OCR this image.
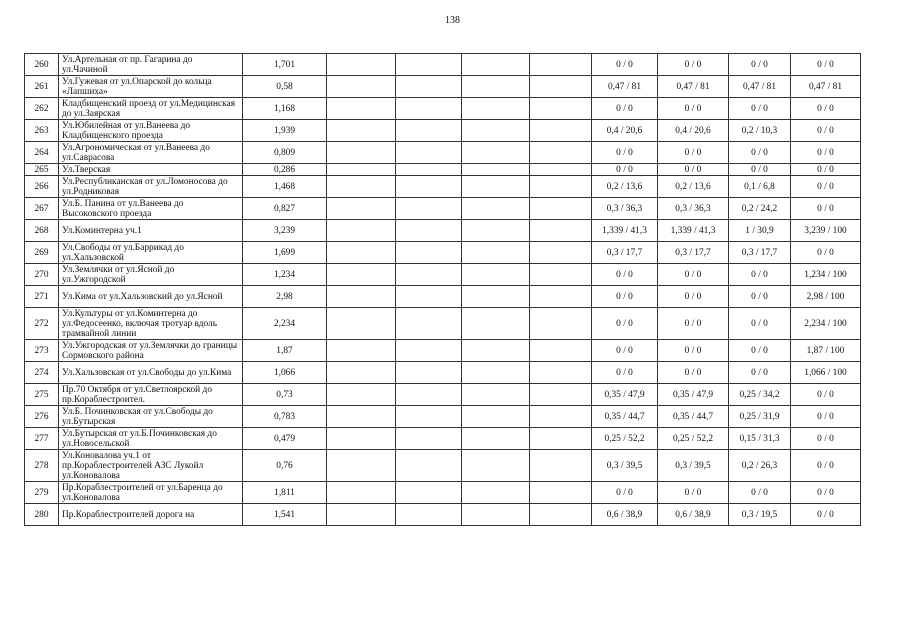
138
260	Ул.Артельная от пр. Гагарина до ул.Чачиной	1,701					0 / 0	0 / 0	0 / 0	0 / 0
261	Ул.Гужевая от ул.Опарской до кольца «Лапшиха»	0,58					0,47 / 81	0,47 / 81	0,47 / 81	0,47 / 81
262	Кладбищенский проезд от ул.Медицинская до ул.Заярская	1,168					0 / 0	0 / 0	0 / 0	0 / 0
263	Ул.Юбилейная от ул.Ванеева до Кладбищенского проезда	1,939					0,4 / 20,6	0,4 / 20,6	0,2 / 10,3	0 / 0
264	Ул.Агрономическая от ул.Ванеева до ул.Саврасова	0,809					0 / 0	0 / 0	0 / 0	0 / 0
265	Ул.Тверская	0,286					0 / 0	0 / 0	0 / 0	0 / 0
266	Ул.Республиканская от ул.Ломоносова до ул.Родниковая	1,468					0,2 / 13,6	0,2 / 13,6	0,1 / 6,8	0 / 0
267	Ул.Б. Панина от ул.Ванеева до Высоковского проезда	0,827					0,3 / 36,3	0,3 / 36,3	0,2 / 24,2	0 / 0
268	Ул.Коминтерна уч.1	3,239					1,339 / 41,3	1,339 / 41,3	1 / 30,9	3,239 / 100
269	Ул.Свободы от ул.Баррикад до ул.Хальзовской	1,699					0,3 / 17,7	0,3 / 17,7	0,3 / 17,7	0 / 0
270	Ул.Землячки от ул.Ясной до ул.Ужгородской	1,234					0 / 0	0 / 0	0 / 0	1,234 / 100
271	Ул.Кима от ул.Хальзовский до ул.Ясной	2,98					0 / 0	0 / 0	0 / 0	2,98 / 100
272	Ул.Культуры от ул.Коминтерна до ул.Федосеенко, включая тротуар вдоль трамвайной линии	2,234					0 / 0	0 / 0	0 / 0	2,234 / 100
273	Ул.Ужгородская от ул.Землячки до границы Сормовского района	1,87					0 / 0	0 / 0	0 / 0	1,87 / 100
274	Ул.Хальзовская от ул.Свободы до ул.Кима	1,066					0 / 0	0 / 0	0 / 0	1,066 / 100
275	Пр.70 Октября от ул.Светлоярской до пр.Кораблестроител.	0,73					0,35 / 47,9	0,35 / 47,9	0,25 / 34,2	0 / 0
276	Ул.Б. Починковская от ул.Свободы до ул.Бутырская	0,783					0,35 / 44,7	0,35 / 44,7	0,25 / 31,9	0 / 0
277	Ул.Бутырская от ул.Б.Починковская до ул.Новосельской	0,479					0,25 / 52,2	0,25 / 52,2	0,15 / 31,3	0 / 0
278	Ул.Коновалова уч.1 от пр.Кораблестроителей АЗС Лукойл ул.Коновалова	0,76					0,3 / 39,5	0,3 / 39,5	0,2 / 26,3	0 / 0
279	Пр.Кораблестроителей от ул.Баренца до ул.Коновалова	1,811					0 / 0	0 / 0	0 / 0	0 / 0
280	Пр.Кораблестроителей дорога на	1,541					0,6 / 38,9	0,6 / 38,9	0,3 / 19,5	0 / 0
